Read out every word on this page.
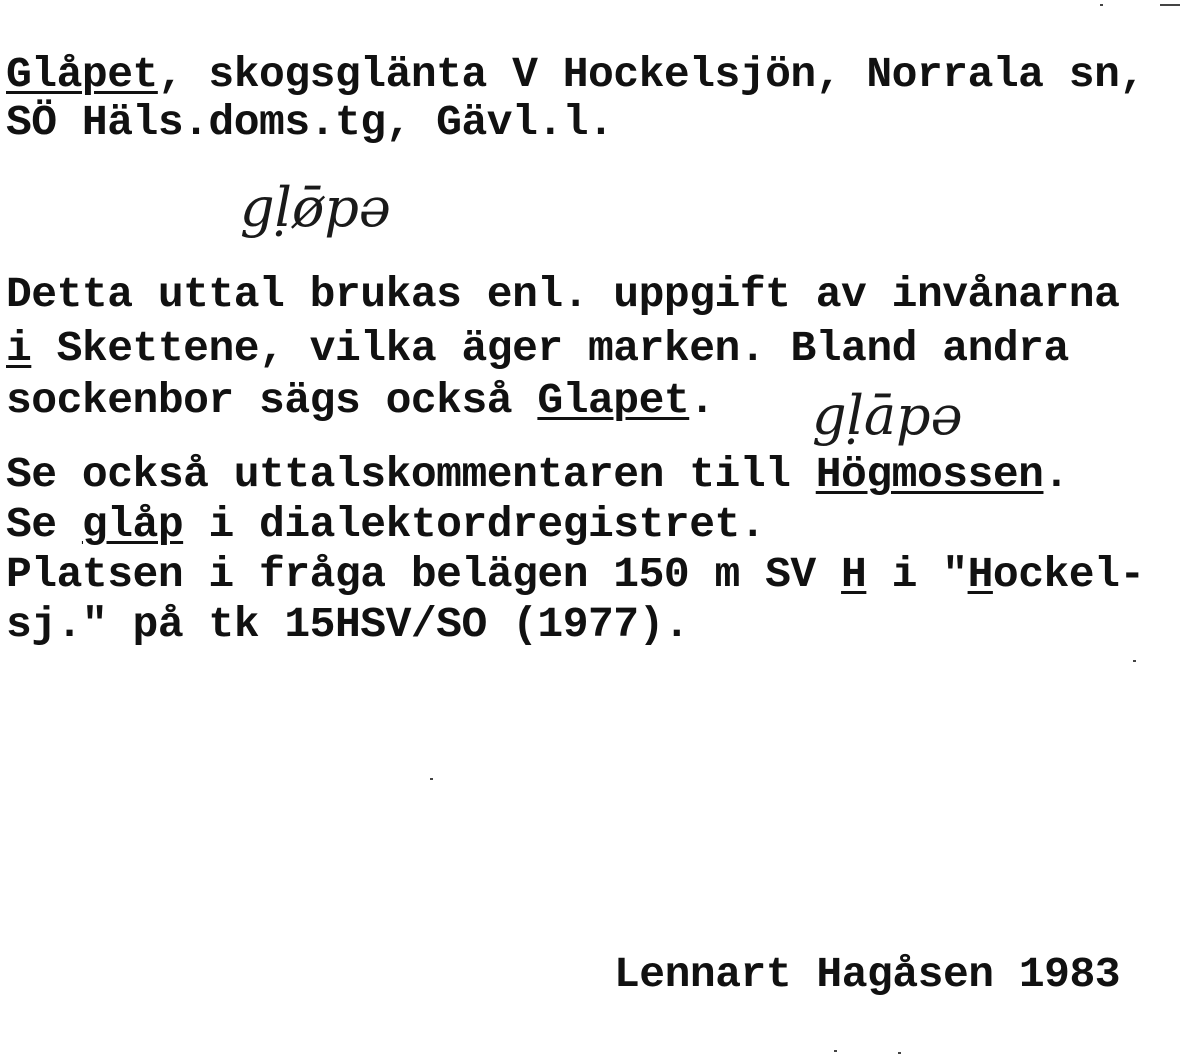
Glåpet, skogsglänta V Hockelsjön, Norrala sn,
SÖ Häls.doms.tg, Gävl.l.
gḷø̄pə
Detta uttal brukas enl. uppgift av invånarna
i Skettene, vilka äger marken. Bland andra
sockenbor sägs också Glapet. gḷāpə
Se också uttalskommentaren till Högmossen.
Se glåp i dialektordregistret.
Platsen i fråga belägen 150 m SV H i "Hockel-
sj." på tk 15HSV/SO (1977).
Lennart Hagåsen 1983
